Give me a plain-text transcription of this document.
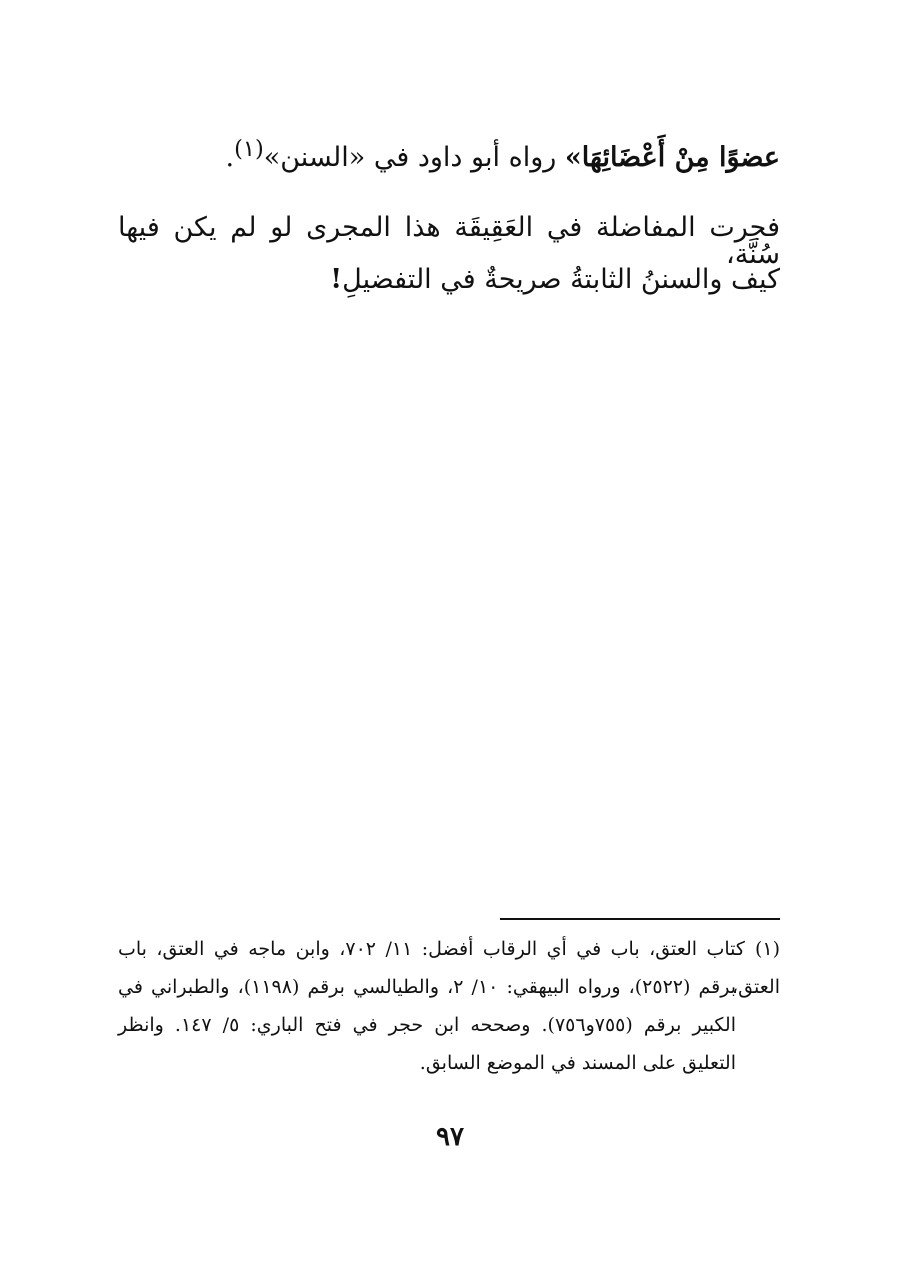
عضوًا مِنْ أَعْضَائِهَا» رواه أبو داود في «السنن»$^{(١)}$.
فجرت المفاضلة في العَقِيقَة هذا المجرى لو لم يكن فيها سُنَّة،
كيف والسننُ الثابتةُ صريحةٌ في التفضيلِ!
(١)كتاب العتق، باب في أي الرقاب أفضل: ١١/ ٧٠٢، وابن ماجه في العتق، باب العتق،
برقم (٢٥٢٢)، ورواه البيهقي: ١٠/ ٢، والطيالسي برقم (١١٩٨)، والطبراني في
الكبير برقم (٧٥٥و٧٥٦). وصححه ابن حجر في فتح الباري: ٥/ ١٤٧. وانظر
التعليق على المسند في الموضع السابق.
٩٧
